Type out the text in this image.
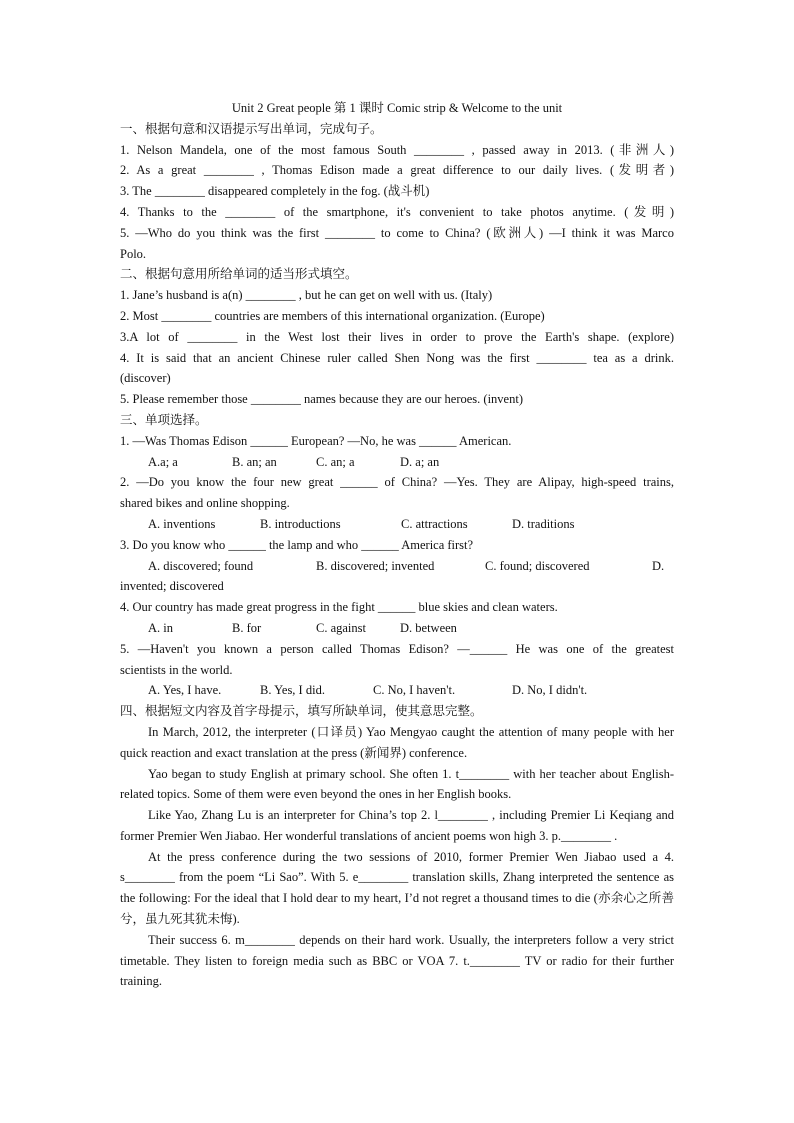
Unit 2 Great people 第 1 课时 Comic strip & Welcome to the unit
一、根据句意和汉语提示写出单词，完成句子。
1. Nelson Mandela, one of the most famous South ________ , passed away in 2013. (非洲人)
2. As a great ________ , Thomas Edison made a great difference to our daily lives. (发明者)
3. The ________ disappeared completely in the fog. (战斗机)
4. Thanks to the ________ of the smartphone, it's convenient to take photos anytime. (发明)
5. —Who do you think was the first ________ to come to China? (欧洲人) —I think it was Marco
Polo.
二、根据句意用所给单词的适当形式填空。
1. Jane’s husband is a(n) ________ , but he can get on well with us. (Italy)
2. Most ________ countries are members of this international organization. (Europe)
3.A lot of ________ in the West lost their lives in order to prove the Earth's shape. (explore)
4. It is said that an ancient Chinese ruler called Shen Nong was the first ________ tea as a drink.
(discover)
5. Please remember those ________ names because they are our heroes. (invent)
三、单项选择。
1. —Was Thomas Edison ______ European? —No, he was ______ American.
A.a; a	B. an; an	C. an; a	D. a; an
2. —Do you know the four new great ______ of China? —Yes. They are Alipay, high-speed trains,
shared bikes and online shopping.
A. inventions	B. introductions	C. attractions	D. traditions
3. Do you know who ______ the lamp and who ______ America first?
A. discovered; found	B. discovered; invented	C. found; discovered	D.
invented; discovered
4. Our country has made great progress in the fight ______ blue skies and clean waters.
A. in	B. for	C. against	D. between
5. —Haven't you known a person called Thomas Edison? —______ He was one of the greatest
scientists in the world.
A. Yes, I have.	B. Yes, I did.	C. No, I haven't.	D. No, I didn't.
四、根据短文内容及首字母提示，填写所缺单词，使其意思完整。
In March, 2012, the interpreter (口译员) Yao Mengyao caught the attention of many people with her quick reaction and exact translation at the press (新闻界) conference.
Yao began to study English at primary school. She often 1. t________ with her teacher about English-related topics. Some of them were even beyond the ones in her English books.
Like Yao, Zhang Lu is an interpreter for China’s top 2. l________ , including Premier Li Keqiang and former Premier Wen Jiabao. Her wonderful translations of ancient poems won high 3. p.________ .
At the press conference during the two sessions of 2010, former Premier Wen Jiabao used a 4. s________ from the poem “Li Sao”. With 5. e________ translation skills, Zhang interpreted the sentence as the following: For the ideal that I hold dear to my heart, I’d not regret a thousand times to die (亦余心之所善兮，虽九死其犹未悔).
Their success 6. m________ depends on their hard work. Usually, the interpreters follow a very strict timetable. They listen to foreign media such as BBC or VOA 7. t.________ TV or radio for their further training.
